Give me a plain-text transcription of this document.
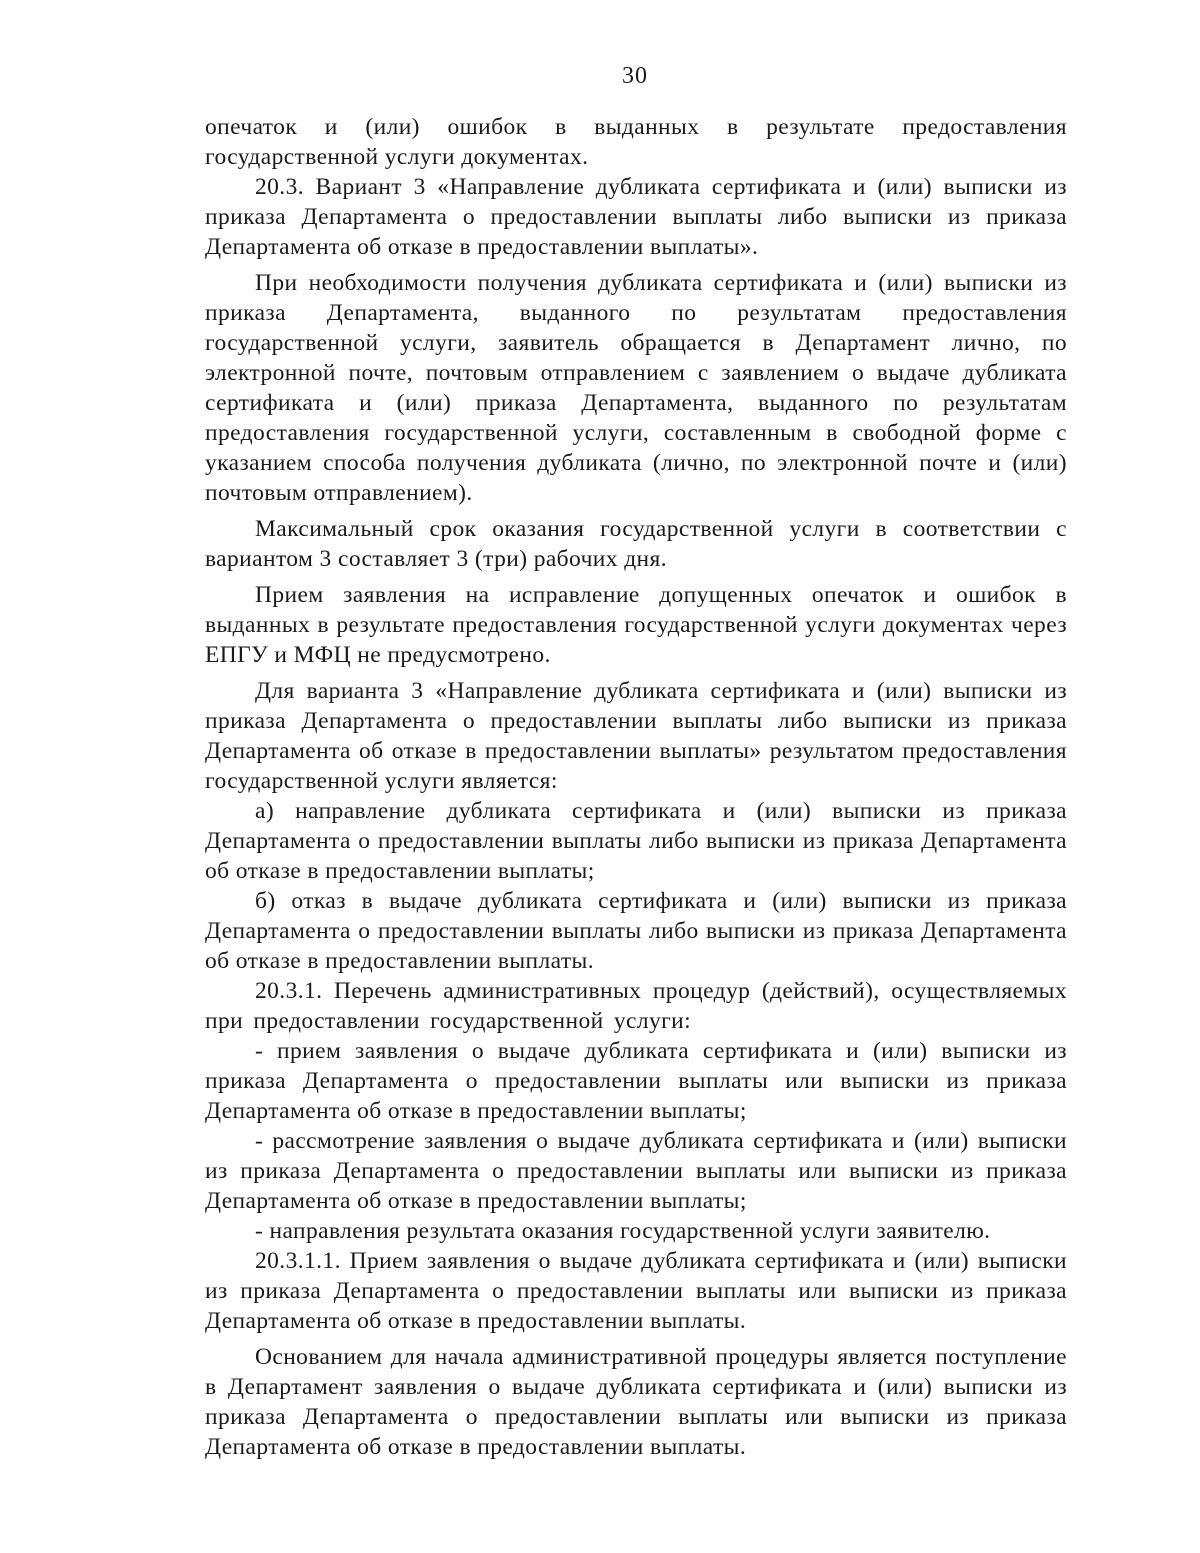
30

опечаток и (или) ошибок в выданных в результате предоставления государственной услуги документах.

20.3. Вариант 3 «Направление дубликата сертификата и (или) выписки из приказа Департамента о предоставлении выплаты либо выписки из приказа Департамента об отказе в предоставлении выплаты».

При необходимости получения дубликата сертификата и (или) выписки из приказа Департамента, выданного по результатам предоставления государственной услуги, заявитель обращается в Департамент лично, по электронной почте, почтовым отправлением с заявлением о выдаче дубликата сертификата и (или) приказа Департамента, выданного по результатам предоставления государственной услуги, составленным в свободной форме с указанием способа получения дубликата (лично, по электронной почте и (или) почтовым отправлением).

Максимальный срок оказания государственной услуги в соответствии с вариантом 3 составляет 3 (три) рабочих дня.

Прием заявления на исправление допущенных опечаток и ошибок в выданных в результате предоставления государственной услуги документах через ЕПГУ и МФЦ не предусмотрено.

Для варианта 3 «Направление дубликата сертификата и (или) выписки из приказа Департамента о предоставлении выплаты либо выписки из приказа Департамента об отказе в предоставлении выплаты» результатом предоставления государственной услуги является:

а) направление дубликата сертификата и (или) выписки из приказа Департамента о предоставлении выплаты либо выписки из приказа Департамента об отказе в предоставлении выплаты;

б) отказ в выдаче дубликата сертификата и (или) выписки из приказа Департамента о предоставлении выплаты либо выписки из приказа Департамента об отказе в предоставлении выплаты.

20.3.1. Перечень административных процедур (действий), осуществляемых при предоставлении государственной услуги:

- прием заявления о выдаче дубликата сертификата и (или) выписки из приказа Департамента о предоставлении выплаты или выписки из приказа Департамента об отказе в предоставлении выплаты;

- рассмотрение заявления о выдаче дубликата сертификата и (или) выписки из приказа Департамента о предоставлении выплаты или выписки из приказа Департамента об отказе в предоставлении выплаты;

- направления результата оказания государственной услуги заявителю.

20.3.1.1. Прием заявления о выдаче дубликата сертификата и (или) выписки из приказа Департамента о предоставлении выплаты или выписки из приказа Департамента об отказе в предоставлении выплаты.

Основанием для начала административной процедуры является поступление в Департамент заявления о выдаче дубликата сертификата и (или) выписки из приказа Департамента о предоставлении выплаты или выписки из приказа Департамента об отказе в предоставлении выплаты.
